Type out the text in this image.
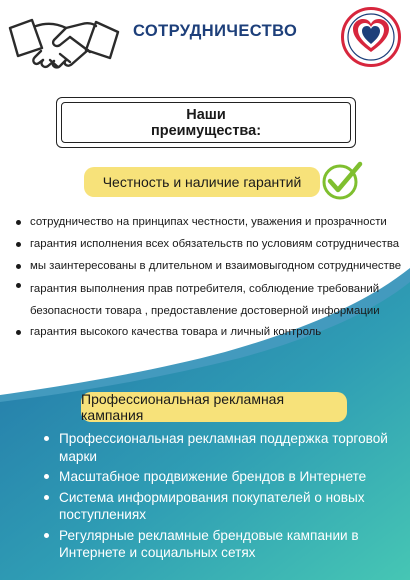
СОТРУДНИЧЕСТВО
Наши
преимущества:
Честность и наличие гарантий
сотрудничество на принципах честности, уважения и прозрачности
гарантия исполнения всех обязательств по условиям сотрудничества
мы заинтересованы в длительном и взаимовыгодном сотрудничестве
гарантия выполнения прав потребителя, соблюдение требований безопасности товара , предоставление достоверной информации
гарантия высокого качества товара и личный контроль
Профессиональная рекламная кампания
Профессиональная рекламная поддержка торговой марки
Масштабное продвижение брендов в Интернете
Система информирования покупателей о новых поступлениях
Регулярные рекламные брендовые кампании в Интернете и социальных сетях
